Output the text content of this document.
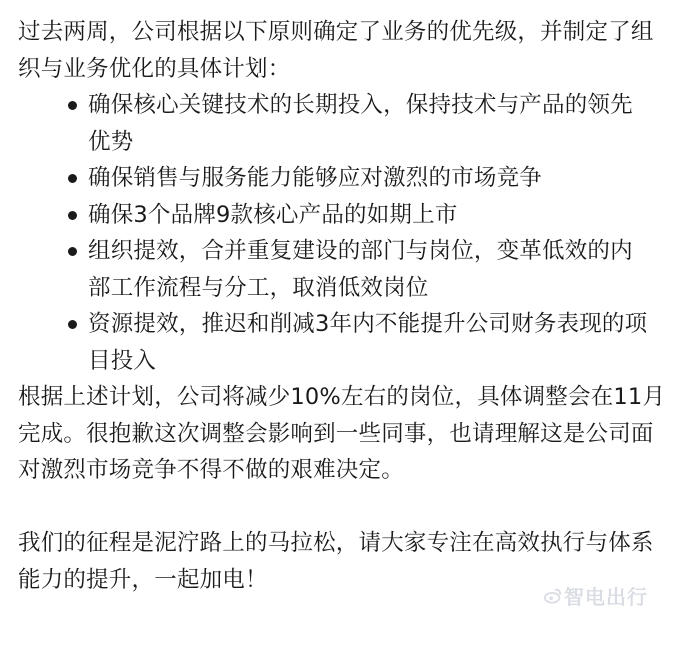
过去两周，公司根据以下原则确定了业务的优先级，并制定了组织与业务优化的具体计划：

确保核心关键技术的长期投入，保持技术与产品的领先优势
确保销售与服务能力能够应对激烈的市场竞争
确保3个品牌9款核心产品的如期上市
组织提效，合并重复建设的部门与岗位，变革低效的内部工作流程与分工，取消低效岗位
资源提效，推迟和削减3年内不能提升公司财务表现的项目投入

根据上述计划，公司将减少10%左右的岗位，具体调整会在11月完成。很抱歉这次调整会影响到一些同事，也请理解这是公司面对激烈市场竞争不得不做的艰难决定。

我们的征程是泥泞路上的马拉松，请大家专注在高效执行与体系能力的提升，一起加电！

智电出行
